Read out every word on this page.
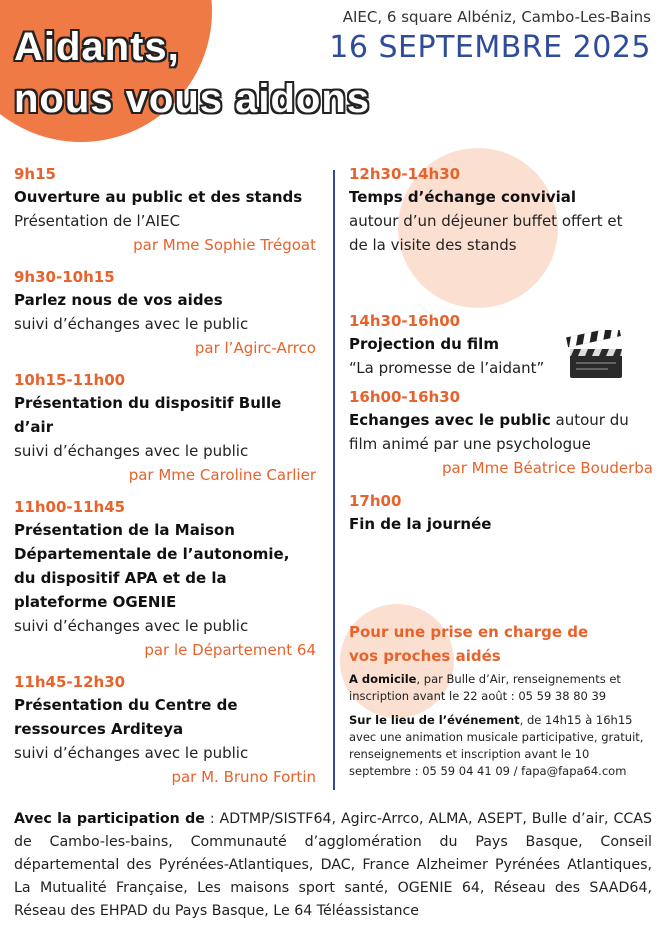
Aidants,
nous vous aidons
AIEC, 6 square Albéniz, Cambo-Les-Bains
16 SEPTEMBRE 2025
9h15
Ouverture au public et des stands
Présentation de l’AIEC
par Mme Sophie Trégoat
9h30-10h15
Parlez nous de vos aides
suivi d’échanges avec le public
par l’Agirc-Arrco
10h15-11h00
Présentation du dispositif Bulle d’air
suivi d’échanges avec le public
par Mme Caroline Carlier
11h00-11h45
Présentation de la Maison Départementale de l’autonomie, du dispositif APA et de la plateforme OGENIE
suivi d’échanges avec le public
par le Département 64
11h45-12h30
Présentation du Centre de ressources Arditeya
suivi d’échanges avec le public
par M. Bruno Fortin
12h30-14h30
Temps d’échange convivial
autour d’un déjeuner buffet offert et de la visite des stands
14h30-16h00
Projection du film
“La promesse de l’aidant”
16h00-16h30
Echanges avec le public autour du film animé par une psychologue
par Mme Béatrice Bouderba
17h00
Fin de la journée
Pour une prise en charge de vos proches aidés
A domicile, par Bulle d’Air, renseignements et inscription avant le 22 août : 05 59 38 80 39
Sur le lieu de l’événement, de 14h15 à 16h15 avec une animation musicale participative, gratuit, renseignements et inscription avant le 10 septembre : 05 59 04 41 09 / fapa@fapa64.com
Avec la participation de : ADTMP/SISTF64, Agirc-Arrco, ALMA, ASEPT, Bulle d’air, CCAS de Cambo-les-bains, Communauté d’agglomération du Pays Basque, Conseil départemental des Pyrénées-Atlantiques, DAC, France Alzheimer Pyrénées Atlantiques, La Mutualité Française, Les maisons sport santé, OGENIE 64, Réseau des SAAD64, Réseau des EHPAD du Pays Basque, Le 64 Téléassistance
